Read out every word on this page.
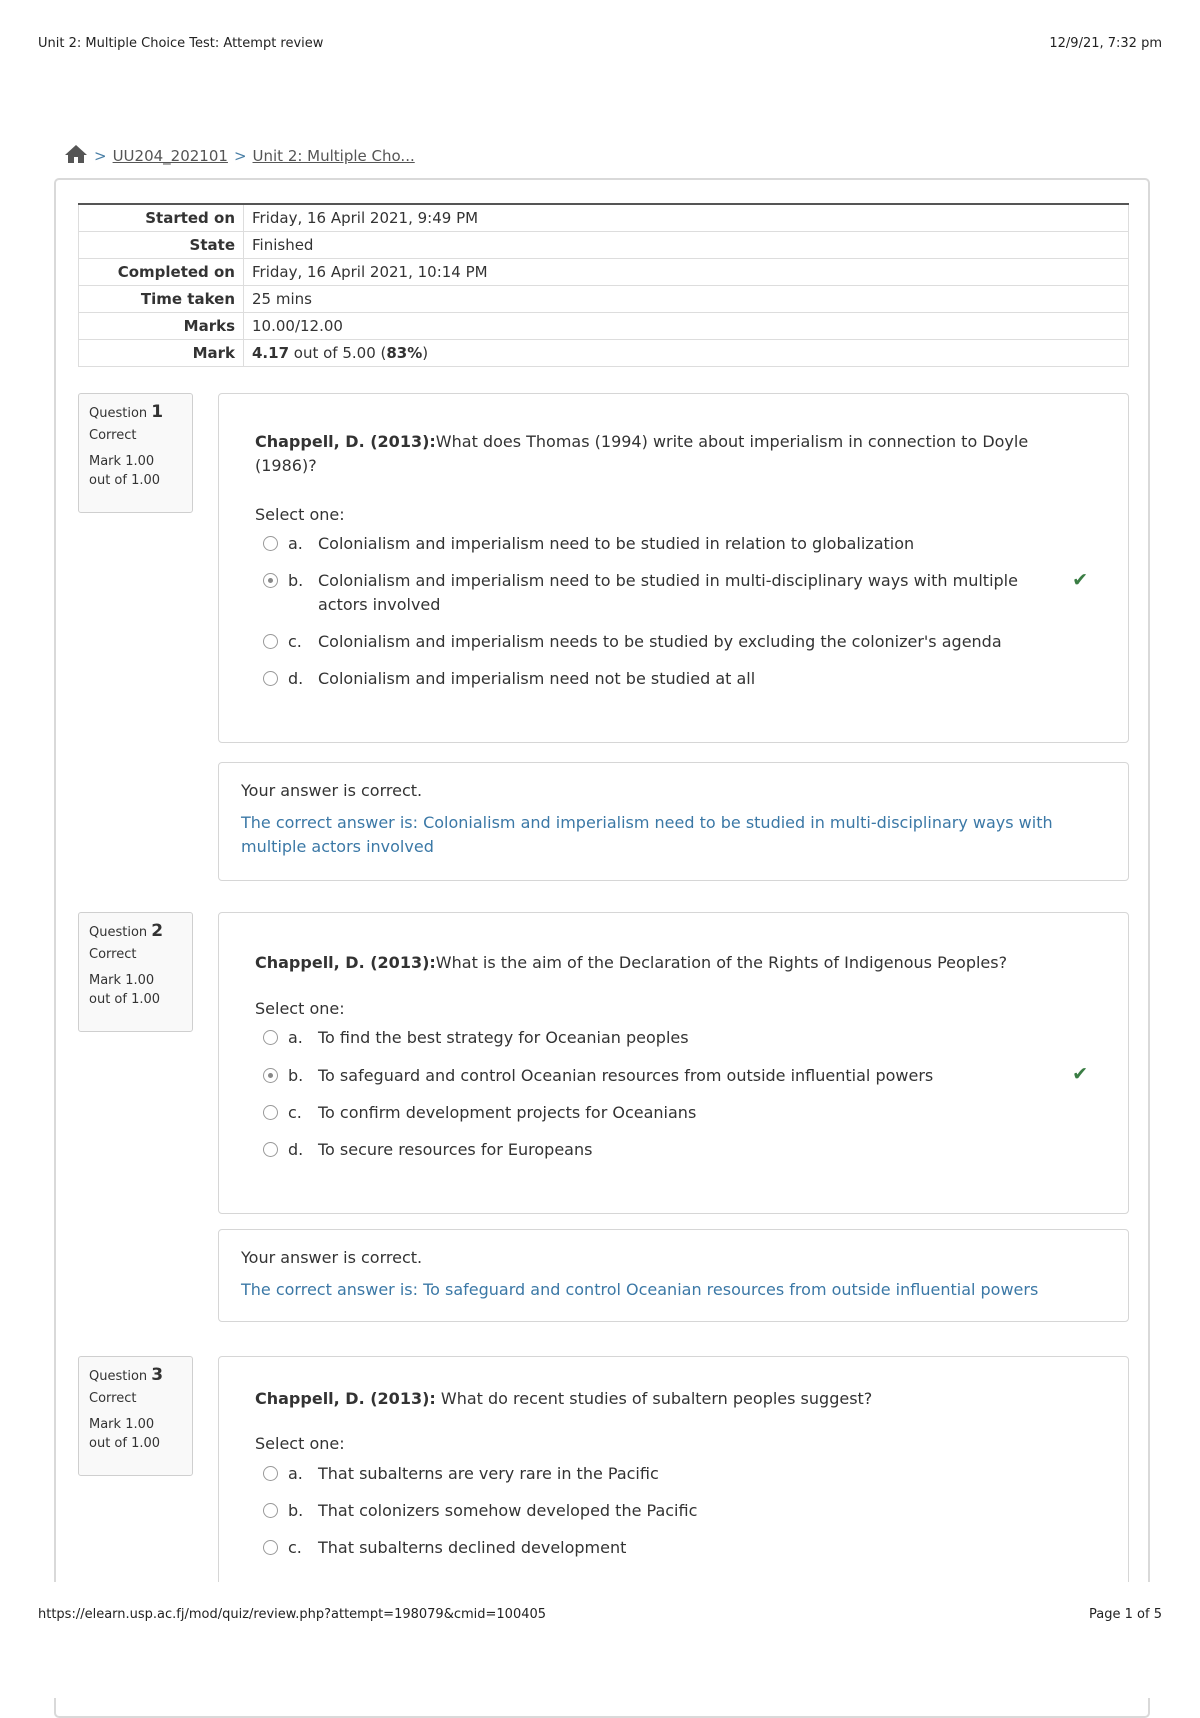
Unit 2: Multiple Choice Test: Attempt review	12/9/21, 7:32 pm
> UU204_202101 > Unit 2: Multiple Cho...
Started on	Friday, 16 April 2021, 9:49 PM
State	Finished
Completed on	Friday, 16 April 2021, 10:14 PM
Time taken	25 mins
Marks	10.00/12.00
Mark	4.17 out of 5.00 (83%)
Question 1
Correct
Mark 1.00
out of 1.00
Chappell, D. (2013):What does Thomas (1994) write about imperialism in connection to Doyle (1986)?
Select one:
a. Colonialism and imperialism need to be studied in relation to globalization
b. Colonialism and imperialism need to be studied in multi-disciplinary ways with multiple actors involved
✔
c.	Colonialism and imperialism needs to be studied by excluding the colonizer's agenda
d. Colonialism and imperialism need not be studied at all
Your answer is correct.
The correct answer is: Colonialism and imperialism need to be studied in multi-disciplinary ways with multiple actors involved
Question 2
Correct
Mark 1.00
out of 1.00
Chappell, D. (2013):What is the aim of the Declaration of the Rights of Indigenous Peoples?
Select one:
a. To find the best strategy for Oceanian peoples
b. To safeguard and control Oceanian resources from outside influential powers	✔
c.	To confirm development projects for Oceanians
d. To secure resources for Europeans
Your answer is correct.
The correct answer is: To safeguard and control Oceanian resources from outside influential powers
Question 3
Correct
Mark 1.00
out of 1.00
Chappell, D. (2013): What do recent studies of subaltern peoples suggest?
Select one:
a. That subalterns are very rare in the Pacific
b. That colonizers somehow developed the Pacific
c.	That subalterns declined development
https://elearn.usp.ac.fj/mod/quiz/review.php?attempt=198079&cmid=100405	Page 1 of 5
